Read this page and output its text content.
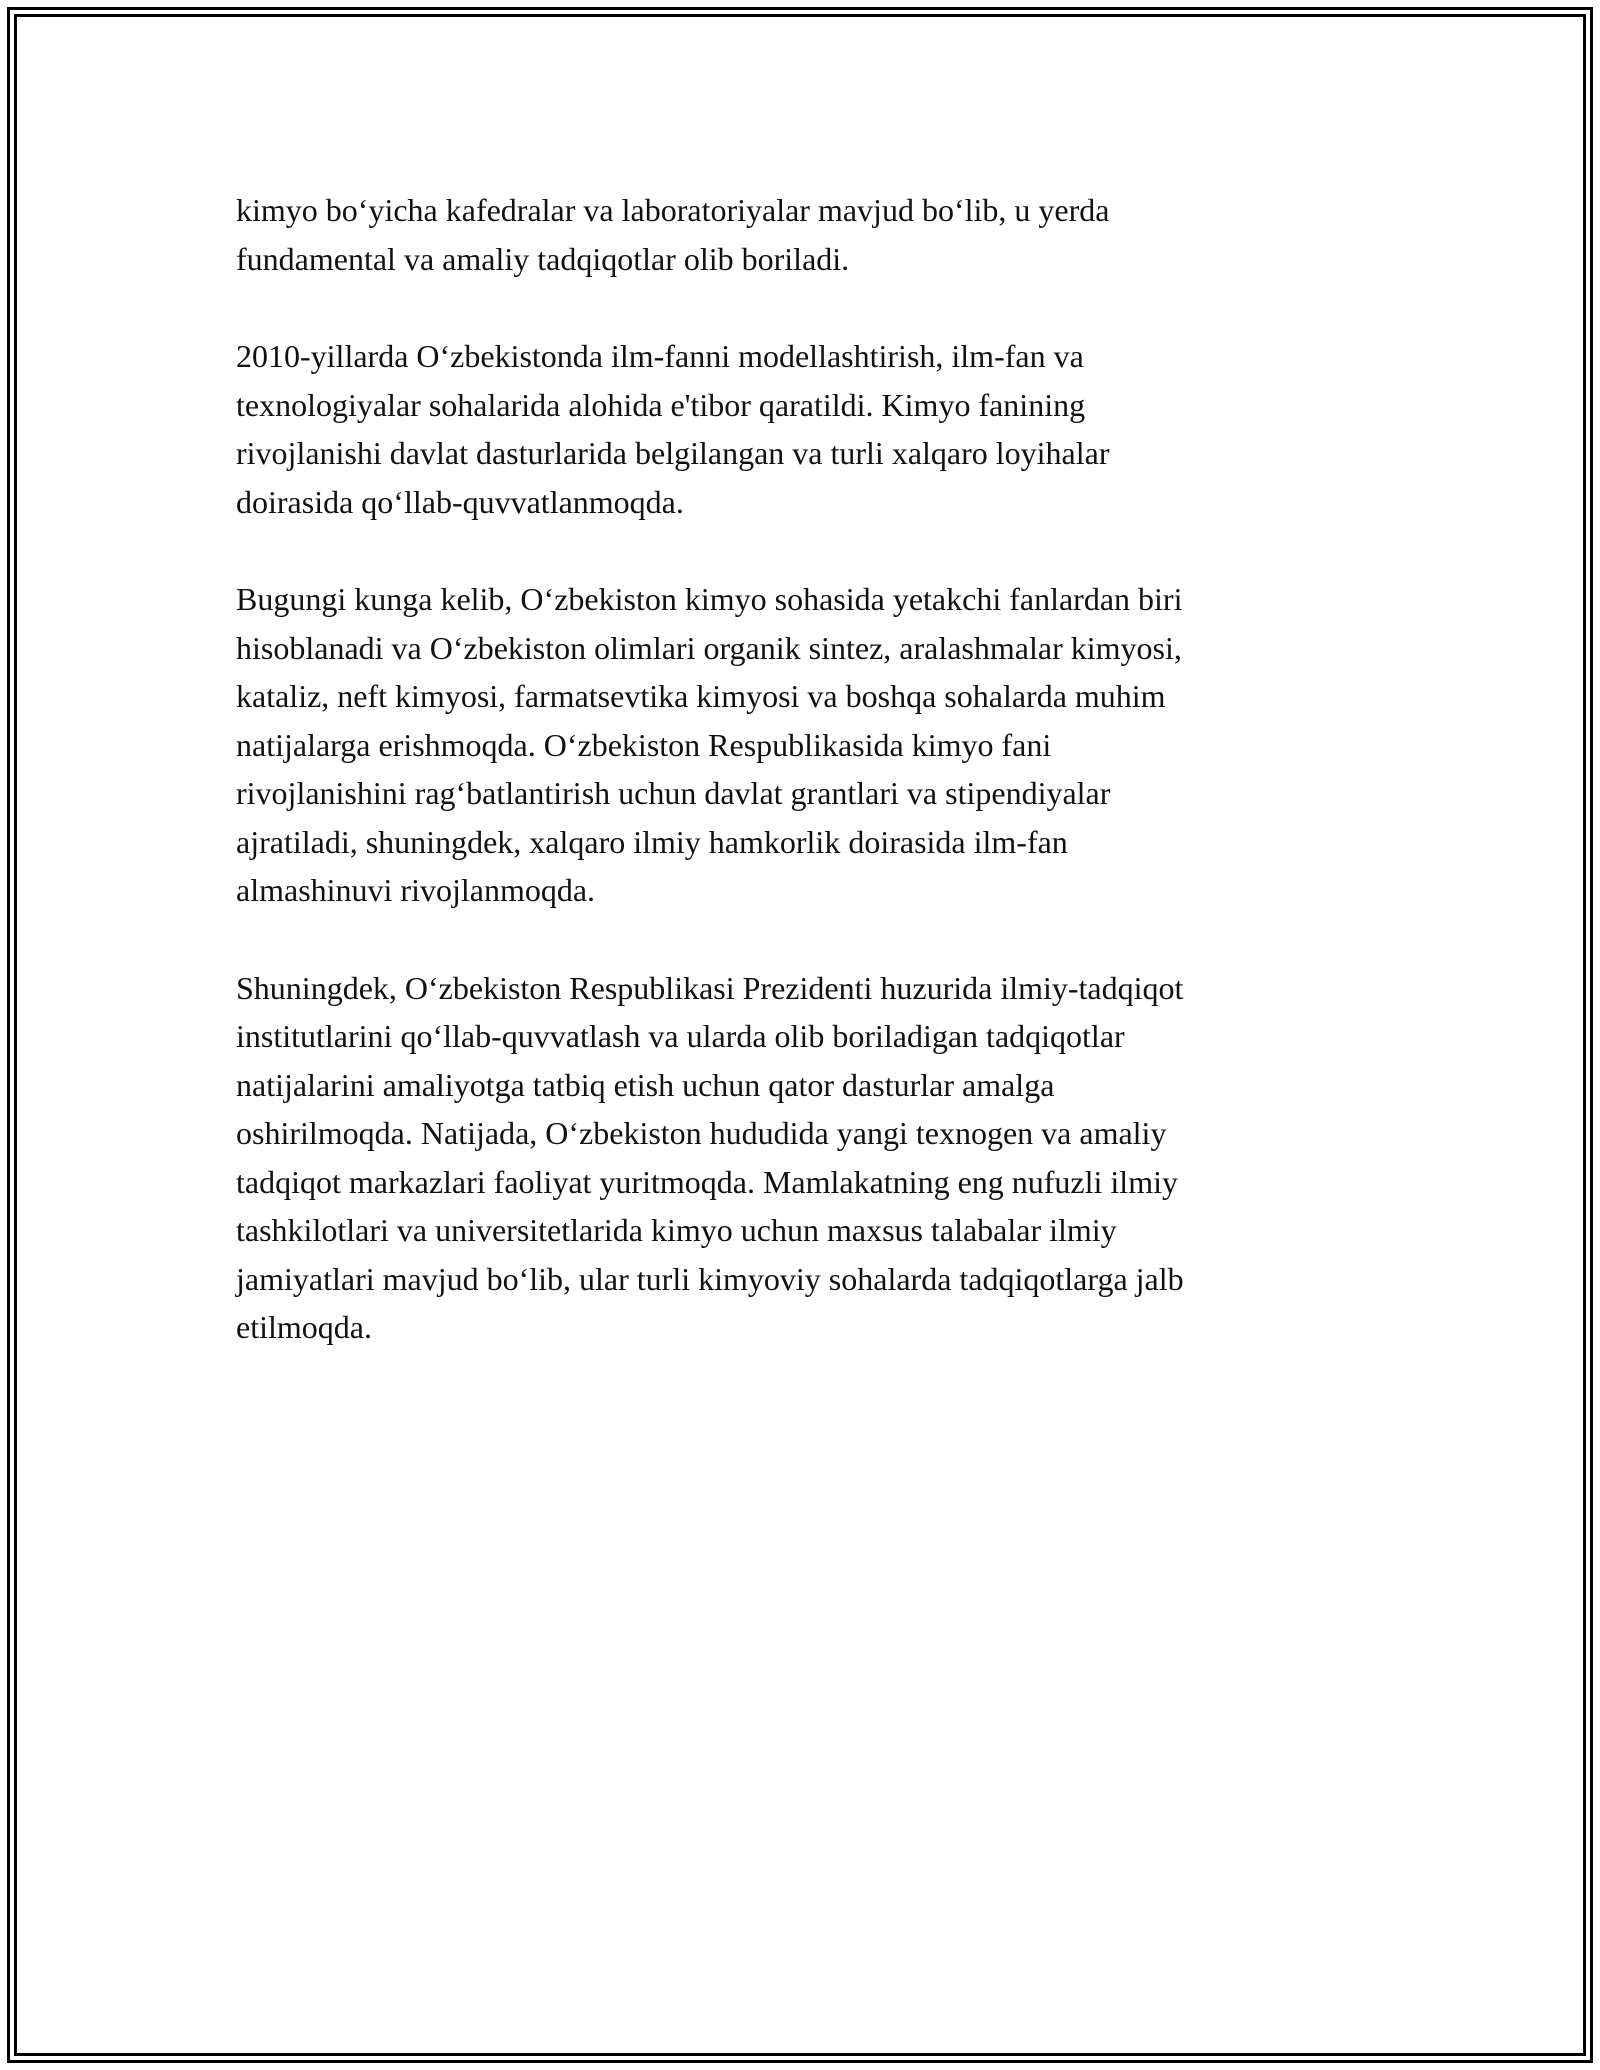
kimyo bo‘yicha kafedralar va laboratoriyalar mavjud bo‘lib, u yerda
fundamental va amaliy tadqiqotlar olib boriladi.

2010-yillarda O‘zbekistonda ilm-fanni modellashtirish, ilm-fan va
texnologiyalar sohalarida alohida e'tibor qaratildi. Kimyo fanining
rivojlanishi davlat dasturlarida belgilangan va turli xalqaro loyihalar
doirasida qo‘llab-quvvatlanmoqda.

Bugungi kunga kelib, O‘zbekiston kimyo sohasida yetakchi fanlardan biri
hisoblanadi va O‘zbekiston olimlari organik sintez, aralashmalar kimyosi,
kataliz, neft kimyosi, farmatsevtika kimyosi va boshqa sohalarda muhim
natijalarga erishmoqda. O‘zbekiston Respublikasida kimyo fani
rivojlanishini rag‘batlantirish uchun davlat grantlari va stipendiyalar
ajratiladi, shuningdek, xalqaro ilmiy hamkorlik doirasida ilm-fan
almashinuvi rivojlanmoqda.

Shuningdek, O‘zbekiston Respublikasi Prezidenti huzurida ilmiy-tadqiqot
institutlarini qo‘llab-quvvatlash va ularda olib boriladigan tadqiqotlar
natijalarini amaliyotga tatbiq etish uchun qator dasturlar amalga
oshirilmoqda. Natijada, O‘zbekiston hududida yangi texnogen va amaliy
tadqiqot markazlari faoliyat yuritmoqda. Mamlakatning eng nufuzli ilmiy
tashkilotlari va universitetlarida kimyo uchun maxsus talabalar ilmiy
jamiyatlari mavjud bo‘lib, ular turli kimyoviy sohalarda tadqiqotlarga jalb
etilmoqda.
